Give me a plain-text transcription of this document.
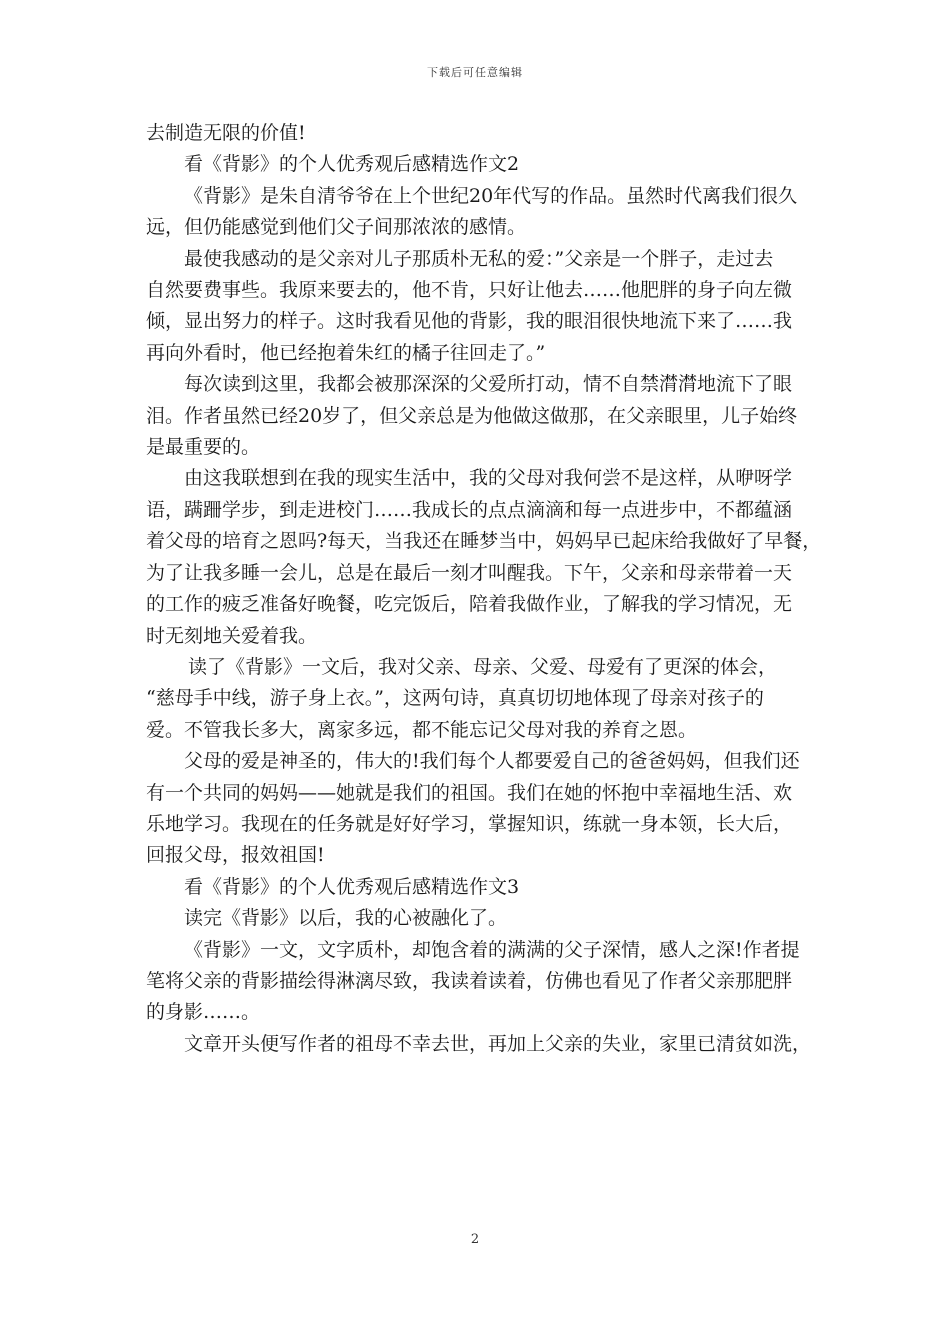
下载后可任意编辑
去制造无限的价值!
看《背影》的个人优秀观后感精选作文2
《背影》是朱自清爷爷在上个世纪20年代写的作品。虽然时代离我们很久
远，但仍能感觉到他们父子间那浓浓的感情。
最使我感动的是父亲对儿子那质朴无私的爱：”父亲是一个胖子，走过去
自然要费事些。我原来要去的，他不肯，只好让他去……他肥胖的身子向左微
倾，显出努力的样子。这时我看见他的背影，我的眼泪很快地流下来了……我
再向外看时，他已经抱着朱红的橘子往回走了。”
每次读到这里，我都会被那深深的父爱所打动，情不自禁潸潸地流下了眼
泪。作者虽然已经20岁了，但父亲总是为他做这做那，在父亲眼里，儿子始终
是最重要的。
由这我联想到在我的现实生活中，我的父母对我何尝不是这样，从咿呀学
语，蹒跚学步，到走进校门……我成长的点点滴滴和每一点进步中，不都蕴涵
着父母的培育之恩吗?每天，当我还在睡梦当中，妈妈早已起床给我做好了早餐，
为了让我多睡一会儿，总是在最后一刻才叫醒我。下午，父亲和母亲带着一天
的工作的疲乏准备好晚餐，吃完饭后，陪着我做作业，了解我的学习情况，无
时无刻地关爱着我。
读了《背影》一文后，我对父亲、母亲、父爱、母爱有了更深的体会，
“慈母手中线，游子身上衣。”，这两句诗，真真切切地体现了母亲对孩子的
爱。不管我长多大，离家多远，都不能忘记父母对我的养育之恩。
父母的爱是神圣的，伟大的!我们每个人都要爱自己的爸爸妈妈，但我们还
有一个共同的妈妈——她就是我们的祖国。我们在她的怀抱中幸福地生活、欢
乐地学习。我现在的任务就是好好学习，掌握知识，练就一身本领，长大后，
回报父母，报效祖国!
看《背影》的个人优秀观后感精选作文3
读完《背影》以后，我的心被融化了。
《背影》一文，文字质朴，却饱含着的满满的父子深情，感人之深!作者提
笔将父亲的背影描绘得淋漓尽致，我读着读着，仿佛也看见了作者父亲那肥胖
的身影……。
文章开头便写作者的祖母不幸去世，再加上父亲的失业，家里已清贫如洗，
2
